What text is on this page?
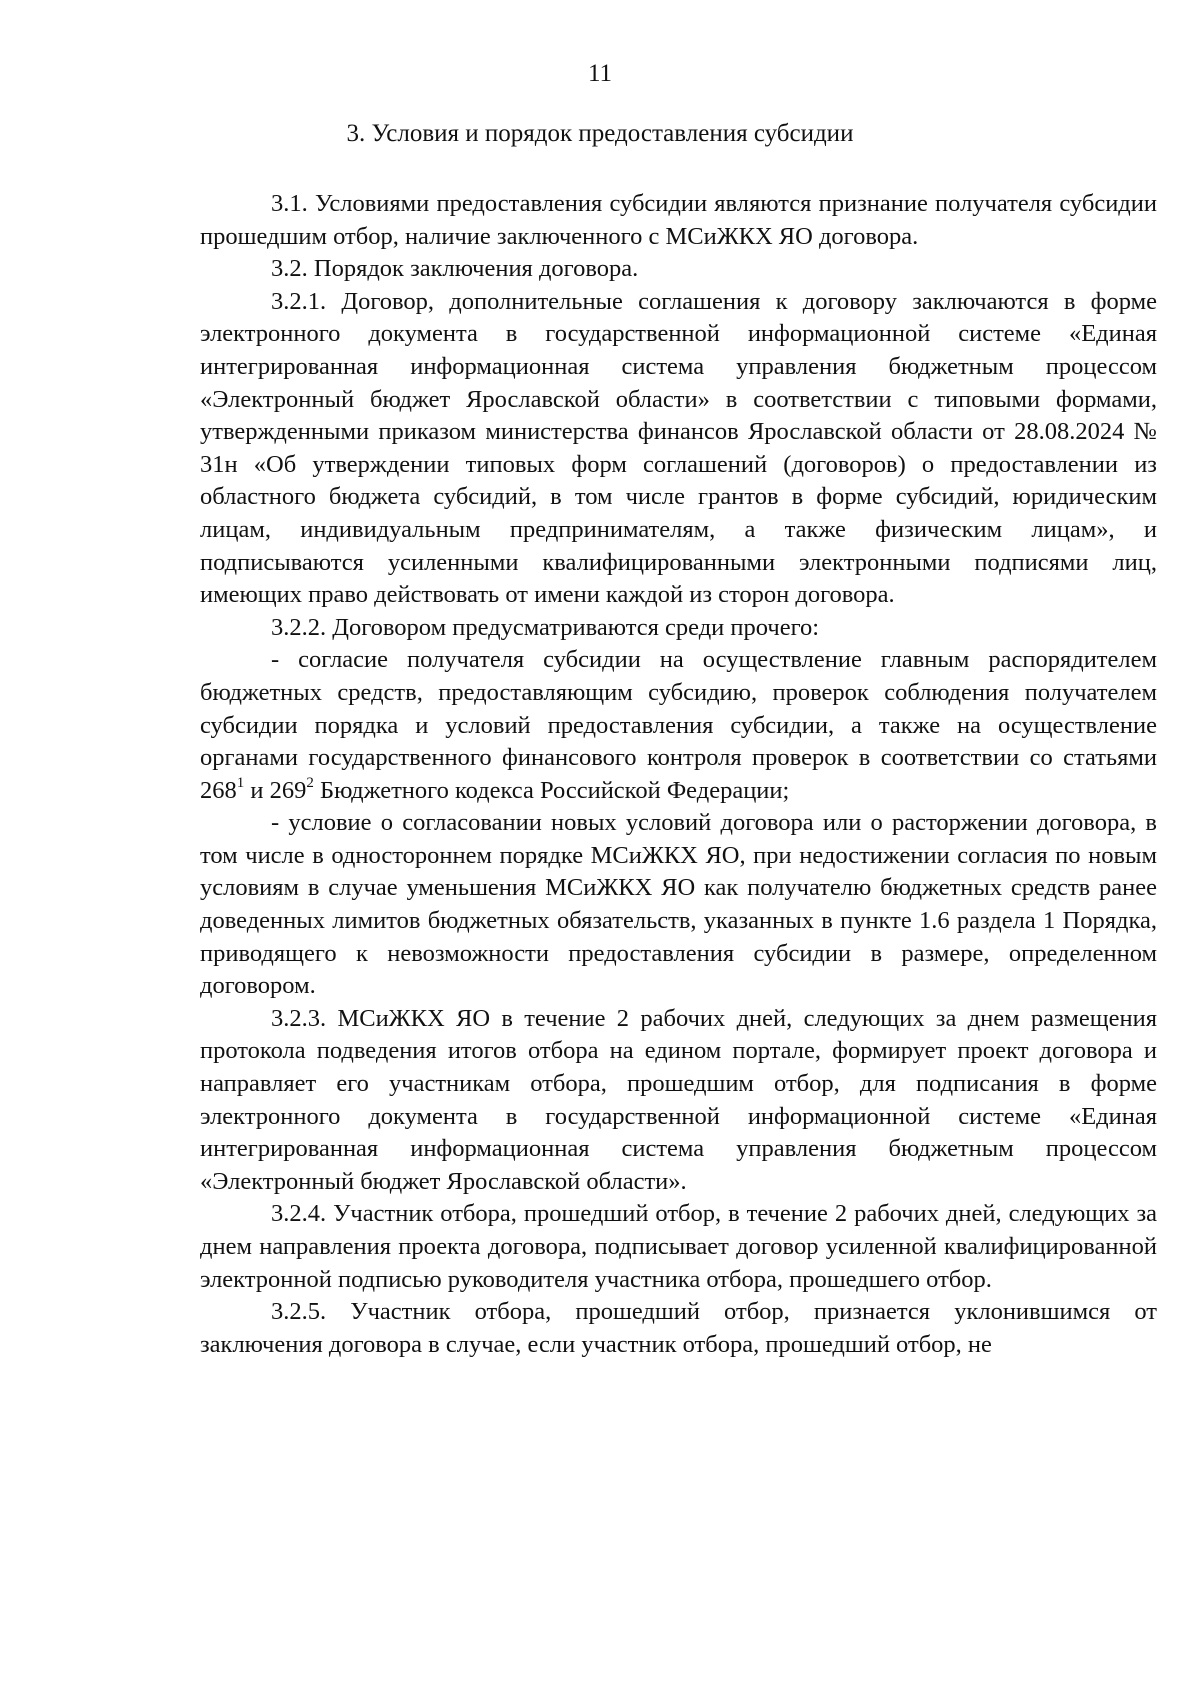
11
3. Условия и порядок предоставления субсидии

3.1. Условиями предоставления субсидии являются признание получателя субсидии прошедшим отбор, наличие заключенного с МСиЖКХ ЯО договора.

3.2. Порядок заключения договора.

3.2.1. Договор, дополнительные соглашения к договору заключаются в форме электронного документа в государственной информационной системе «Единая интегрированная информационная система управления бюджетным процессом «Электронный бюджет Ярославской области» в соответствии с типовыми формами, утвержденными приказом министерства финансов Ярославской области от 28.08.2024 № 31н «Об утверждении типовых форм соглашений (договоров) о предоставлении из областного бюджета субсидий, в том числе грантов в форме субсидий, юридическим лицам, индивидуальным предпринимателям, а также физическим лицам», и подписываются усиленными квалифицированными электронными подписями лиц, имеющих право действовать от имени каждой из сторон договора.

3.2.2. Договором предусматриваются среди прочего:

- согласие получателя субсидии на осуществление главным распорядителем бюджетных средств, предоставляющим субсидию, проверок соблюдения получателем субсидии порядка и условий предоставления субсидии, а также на осуществление органами государственного финансового контроля проверок в соответствии со статьями $268^1$ и $269^2$ Бюджетного кодекса Российской Федерации;

- условие о согласовании новых условий договора или о расторжении договора, в том числе в одностороннем порядке МСиЖКХ ЯО, при недостижении согласия по новым условиям в случае уменьшения МСиЖКХ ЯО как получателю бюджетных средств ранее доведенных лимитов бюджетных обязательств, указанных в пункте 1.6 раздела 1 Порядка, приводящего к невозможности предоставления субсидии в размере, определенном договором.

3.2.3. МСиЖКХ ЯО в течение 2 рабочих дней, следующих за днем размещения протокола подведения итогов отбора на едином портале, формирует проект договора и направляет его участникам отбора, прошедшим отбор, для подписания в форме электронного документа в государственной информационной системе «Единая интегрированная информационная система управления бюджетным процессом «Электронный бюджет Ярославской области».

3.2.4. Участник отбора, прошедший отбор, в течение 2 рабочих дней, следующих за днем направления проекта договора, подписывает договор усиленной квалифицированной электронной подписью руководителя участника отбора, прошедшего отбор.

3.2.5. Участник отбора, прошедший отбор, признается уклонившимся от заключения договора в случае, если участник отбора, прошедший отбор, не
